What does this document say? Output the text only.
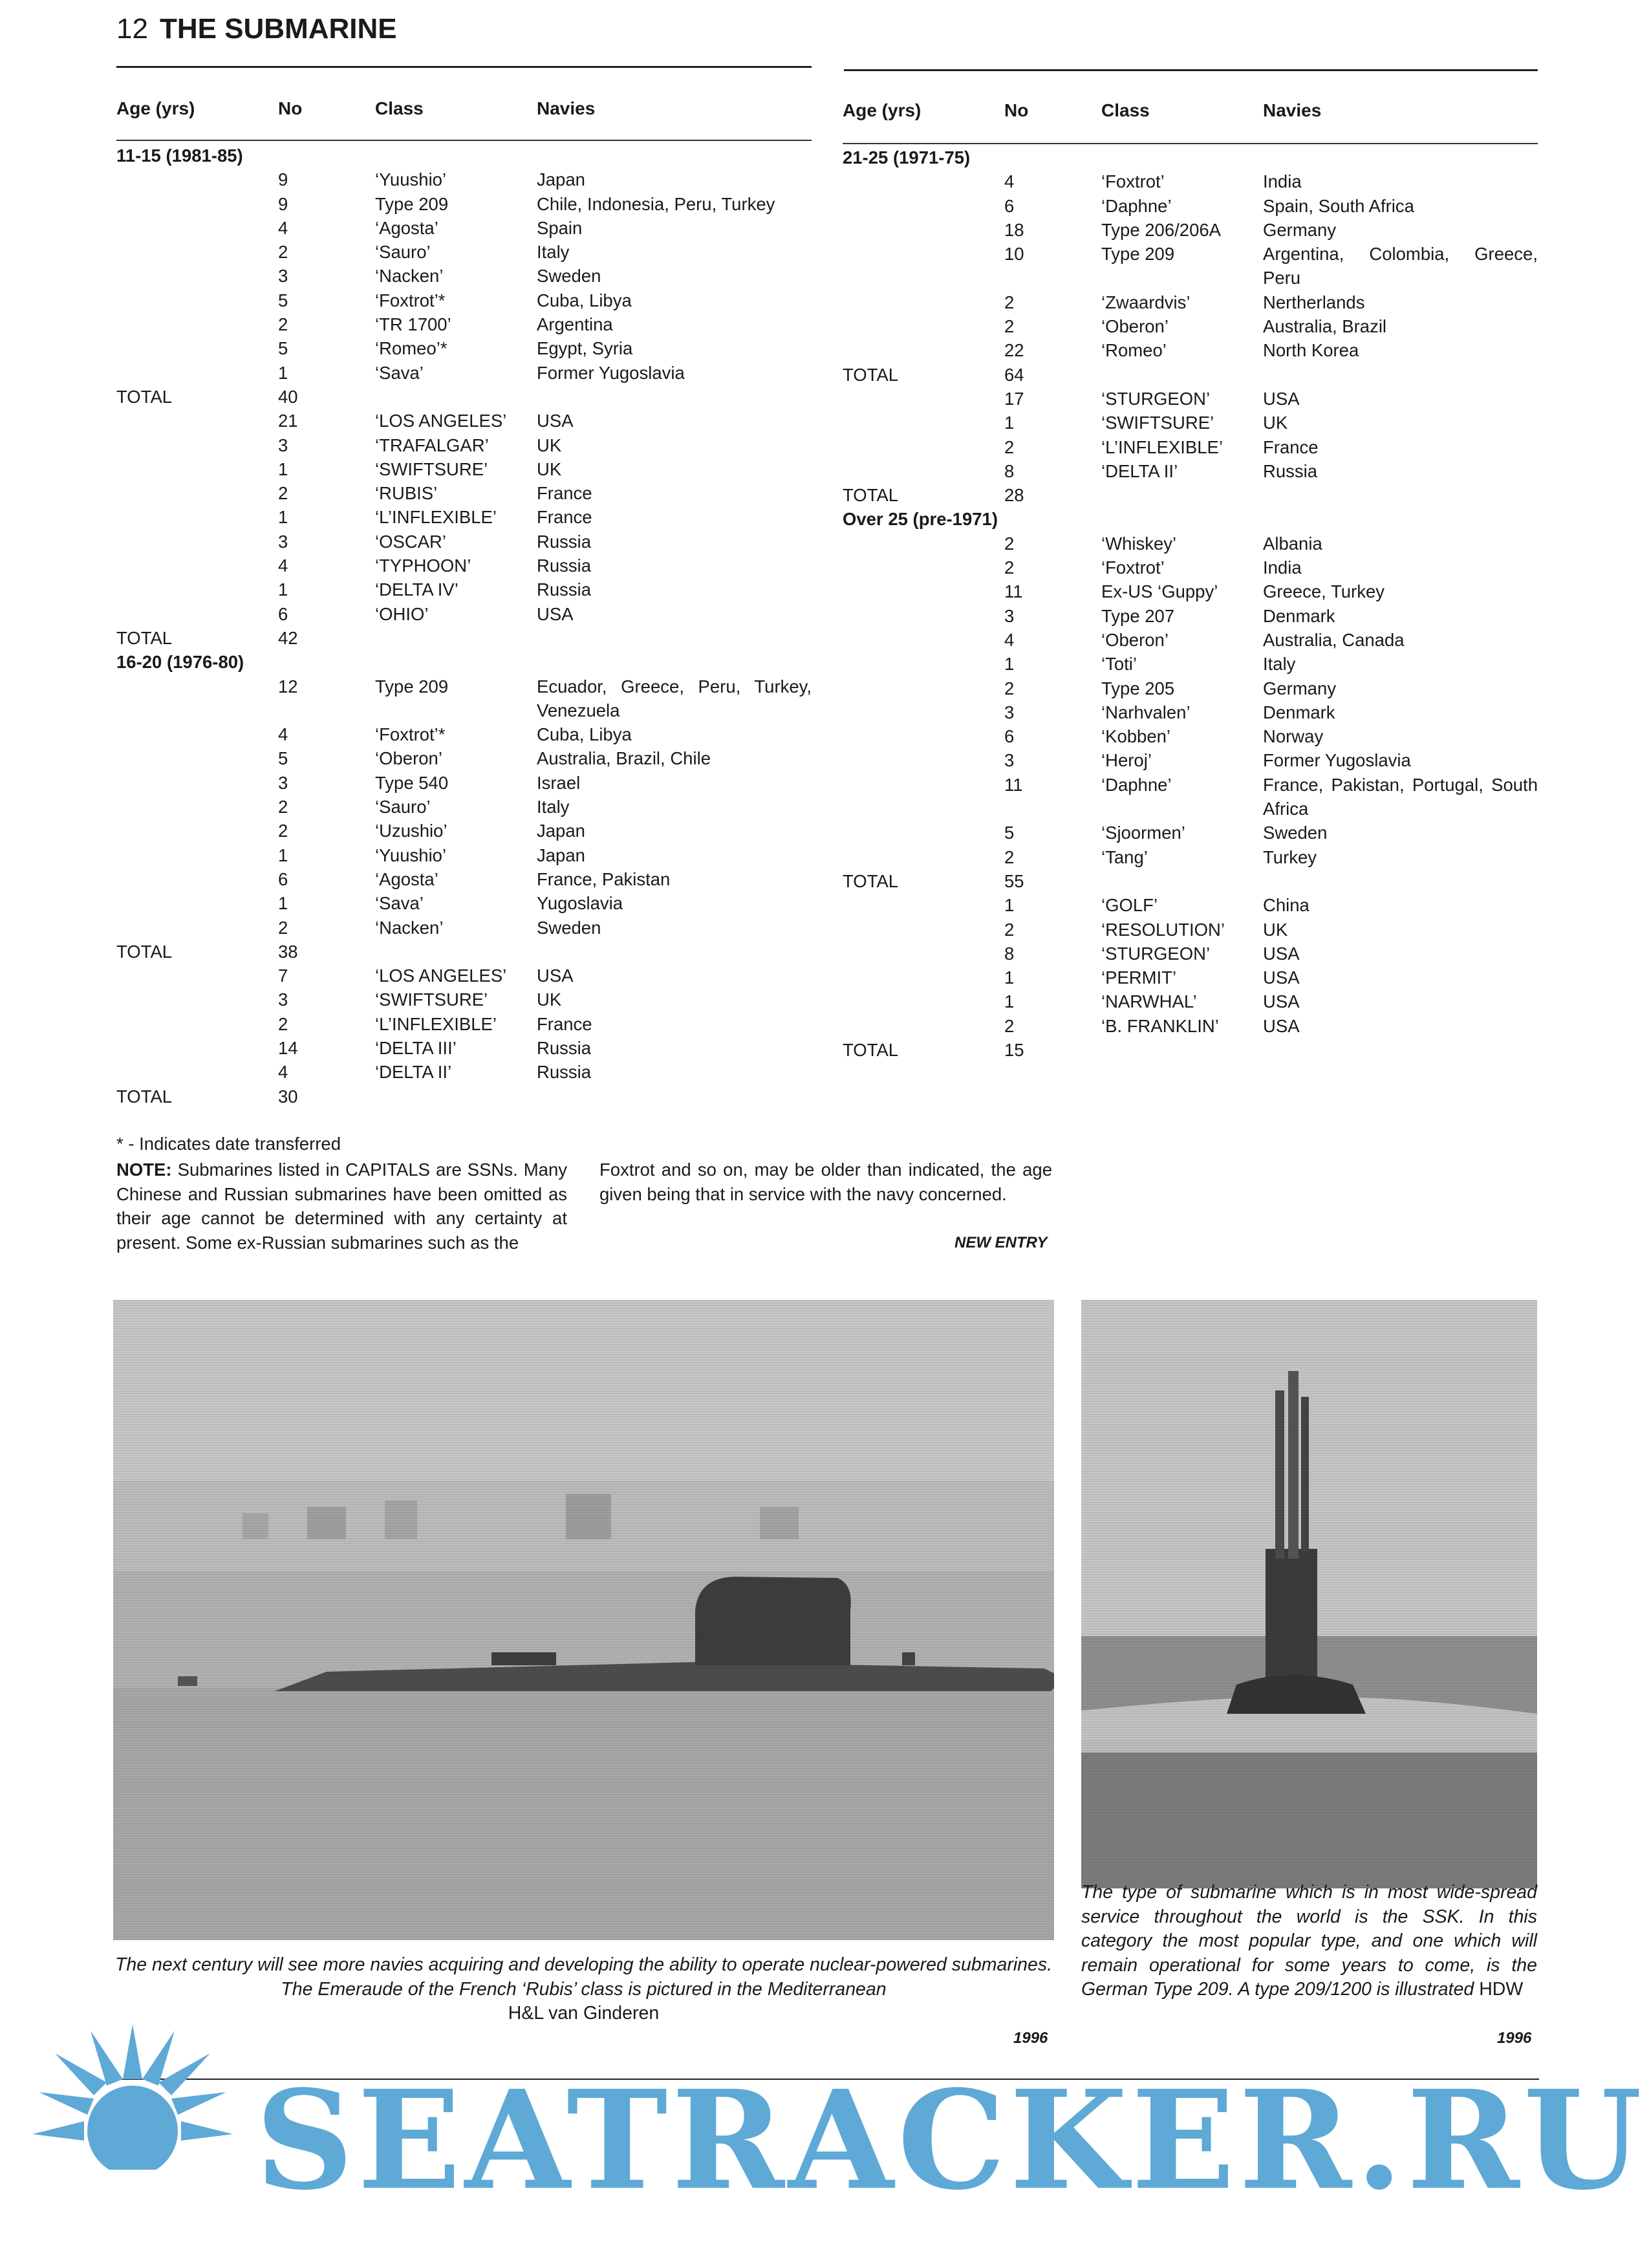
12 THE SUBMARINE
Age (yrs)	No	Class	Navies
11-15 (1981-85)
9	‘Yuushio’	Japan
9	Type 209	Chile, Indonesia, Peru, Turkey
4	‘Agosta’	Spain
2	‘Sauro’	Italy
3	‘Nacken’	Sweden
5	‘Foxtrot’*	Cuba, Libya
2	‘TR 1700’	Argentina
5	‘Romeo’*	Egypt, Syria
1	‘Sava’	Former Yugoslavia
TOTAL	40
21	‘LOS ANGELES’ USA
3	‘TRAFALGAR’	UK
1	‘SWIFTSURE’	UK
2	‘RUBIS’	France
1	‘L’INFLEXIBLE’ France
3	‘OSCAR’	Russia
4	‘TYPHOON’	Russia
1	‘DELTA IV’	Russia
6	‘OHIO’	USA
TOTAL	42
16-20 (1976-80)
12	Type 209	Ecuador, Greece, Peru, Turkey, Venezuela
4	‘Foxtrot’*	Cuba, Libya
5	‘Oberon’	Australia, Brazil, Chile
3	Type 540	Israel
2	‘Sauro’	Italy
2	‘Uzushio’	Japan
1	‘Yuushio’	Japan
6	‘Agosta’	France, Pakistan
1	‘Sava’	Yugoslavia
2	‘Nacken’	Sweden
TOTAL	38
7	‘LOS ANGELES’ USA
3	‘SWIFTSURE’	UK
2	‘L’INFLEXIBLE’ France
14	‘DELTA III’	Russia
4	‘DELTA II’	Russia
TOTAL	30
Age (yrs)	No	Class	Navies
21-25 (1971-75)
4	‘Foxtrot’	India
6	‘Daphne’	Spain, South Africa
18	Type 206/206A Germany
10	Type 209	Argentina, Colombia, Greece, Peru
2	‘Zwaardvis’	Nertherlands
2	‘Oberon’	Australia, Brazil
22	‘Romeo’	North Korea
TOTAL	64
17	‘STURGEON’	USA
1	‘SWIFTSURE’	UK
2	‘L’INFLEXIBLE’ France
8	‘DELTA II’	Russia
TOTAL	28
Over 25 (pre-1971)
2	‘Whiskey’	Albania
2	‘Foxtrot’	India
11	Ex-US ‘Guppy’	Greece, Turkey
3	Type 207	Denmark
4	‘Oberon’	Australia, Canada
1	‘Toti’	Italy
2	Type 205	Germany
3	‘Narhvalen’	Denmark
6	‘Kobben’	Norway
3	‘Heroj’	Former Yugoslavia
11	‘Daphne’	France, Pakistan, Portugal, South Africa
5	‘Sjoormen’	Sweden
2	‘Tang’	Turkey
TOTAL	55
1	‘GOLF’	China
2	‘RESOLUTION’ UK
8	‘STURGEON’	USA
1	‘PERMIT’	USA
1	‘NARWHAL’	USA
2	‘B. FRANKLIN’ USA
TOTAL	15
* - Indicates date transferred
NOTE: Submarines listed in CAPITALS are SSNs. Many Chinese and Russian submarines have been omitted as their age cannot be determined with any certainty at present. Some ex-Russian submarines such as the
Foxtrot and so on, may be older than indicated, the age given being that in service with the navy concerned.
NEW ENTRY
The next century will see more navies acquiring and developing the ability to operate nuclear-powered submarines. The Emeraude of the French ‘Rubis’ class is pictured in the Mediterranean
H&L van Ginderen
1996
The type of submarine which is in most wide-spread service throughout the world is the SSK. In this category the most popular type, and one which will remain operational for some years to come, is the German Type 209. A type 209/1200 is illustrated HDW
1996
SEATRACKER.RU
